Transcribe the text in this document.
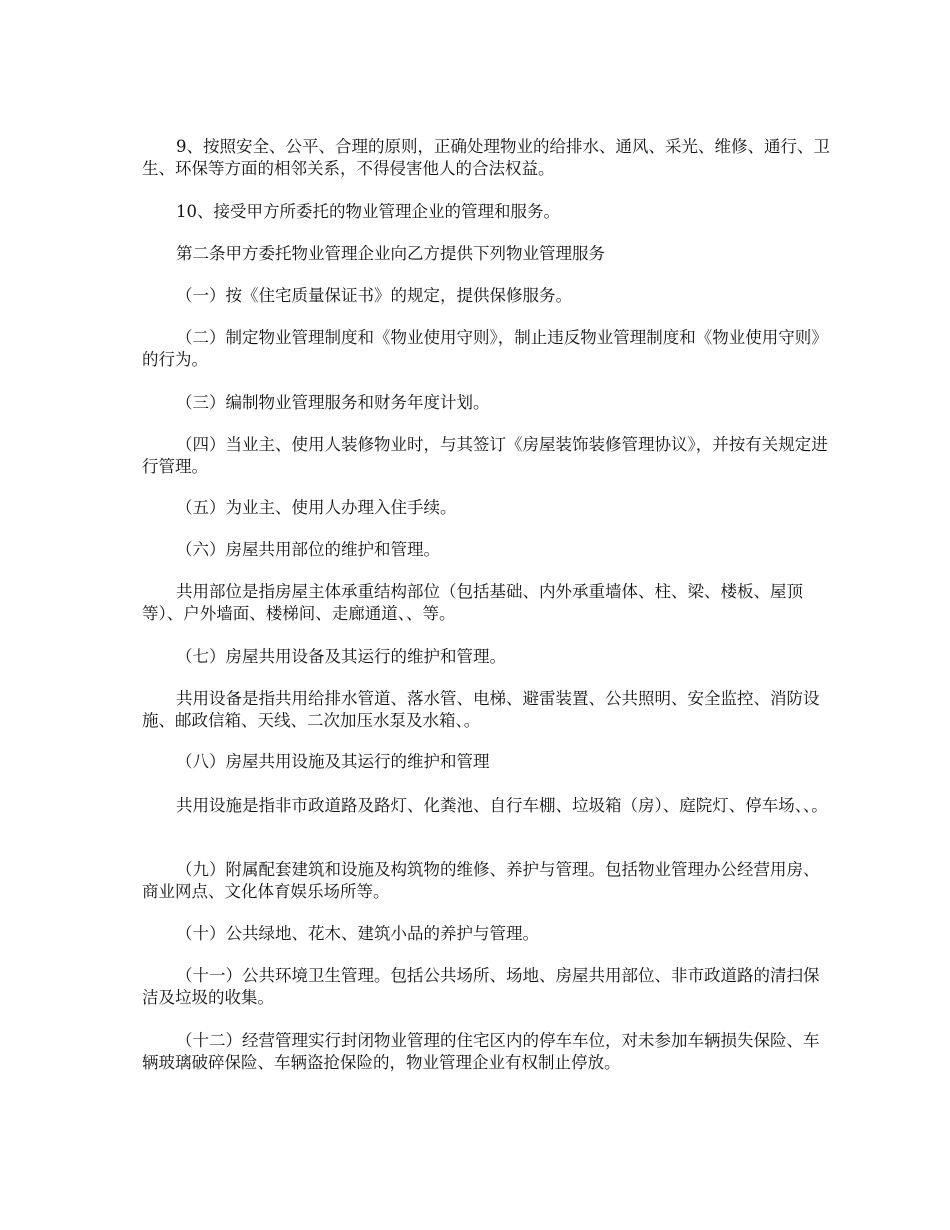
9、按照安全、公平、合理的原则，正确处理物业的给排水、通风、采光、维修、通行、卫生、环保等方面的相邻关系，不得侵害他人的合法权益。

10、接受甲方所委托的物业管理企业的管理和服务。

第二条甲方委托物业管理企业向乙方提供下列物业管理服务

（一）按《住宅质量保证书》的规定，提供保修服务。

（二）制定物业管理制度和《物业使用守则》，制止违反物业管理制度和《物业使用守则》的行为。

（三）编制物业管理服务和财务年度计划。

（四）当业主、使用人装修物业时，与其签订《房屋装饰装修管理协议》，并按有关规定进行管理。

（五）为业主、使用人办理入住手续。

（六）房屋共用部位的维护和管理。

共用部位是指房屋主体承重结构部位（包括基础、内外承重墙体、柱、梁、楼板、屋顶等）、户外墙面、楼梯间、走廊通道、、等。

（七）房屋共用设备及其运行的维护和管理。

共用设备是指共用给排水管道、落水管、电梯、避雷装置、公共照明、安全监控、消防设施、邮政信箱、天线、二次加压水泵及水箱、。

（八）房屋共用设施及其运行的维护和管理

共用设施是指非市政道路及路灯、化粪池、自行车棚、垃圾箱（房）、庭院灯、停车场、、。

（九）附属配套建筑和设施及构筑物的维修、养护与管理。包括物业管理办公经营用房、商业网点、文化体育娱乐场所等。

（十）公共绿地、花木、建筑小品的养护与管理。

（十一）公共环境卫生管理。包括公共场所、场地、房屋共用部位、非市政道路的清扫保洁及垃圾的收集。

（十二）经营管理实行封闭物业管理的住宅区内的停车车位，对未参加车辆损失保险、车辆玻璃破碎保险、车辆盗抢保险的，物业管理企业有权制止停放。
